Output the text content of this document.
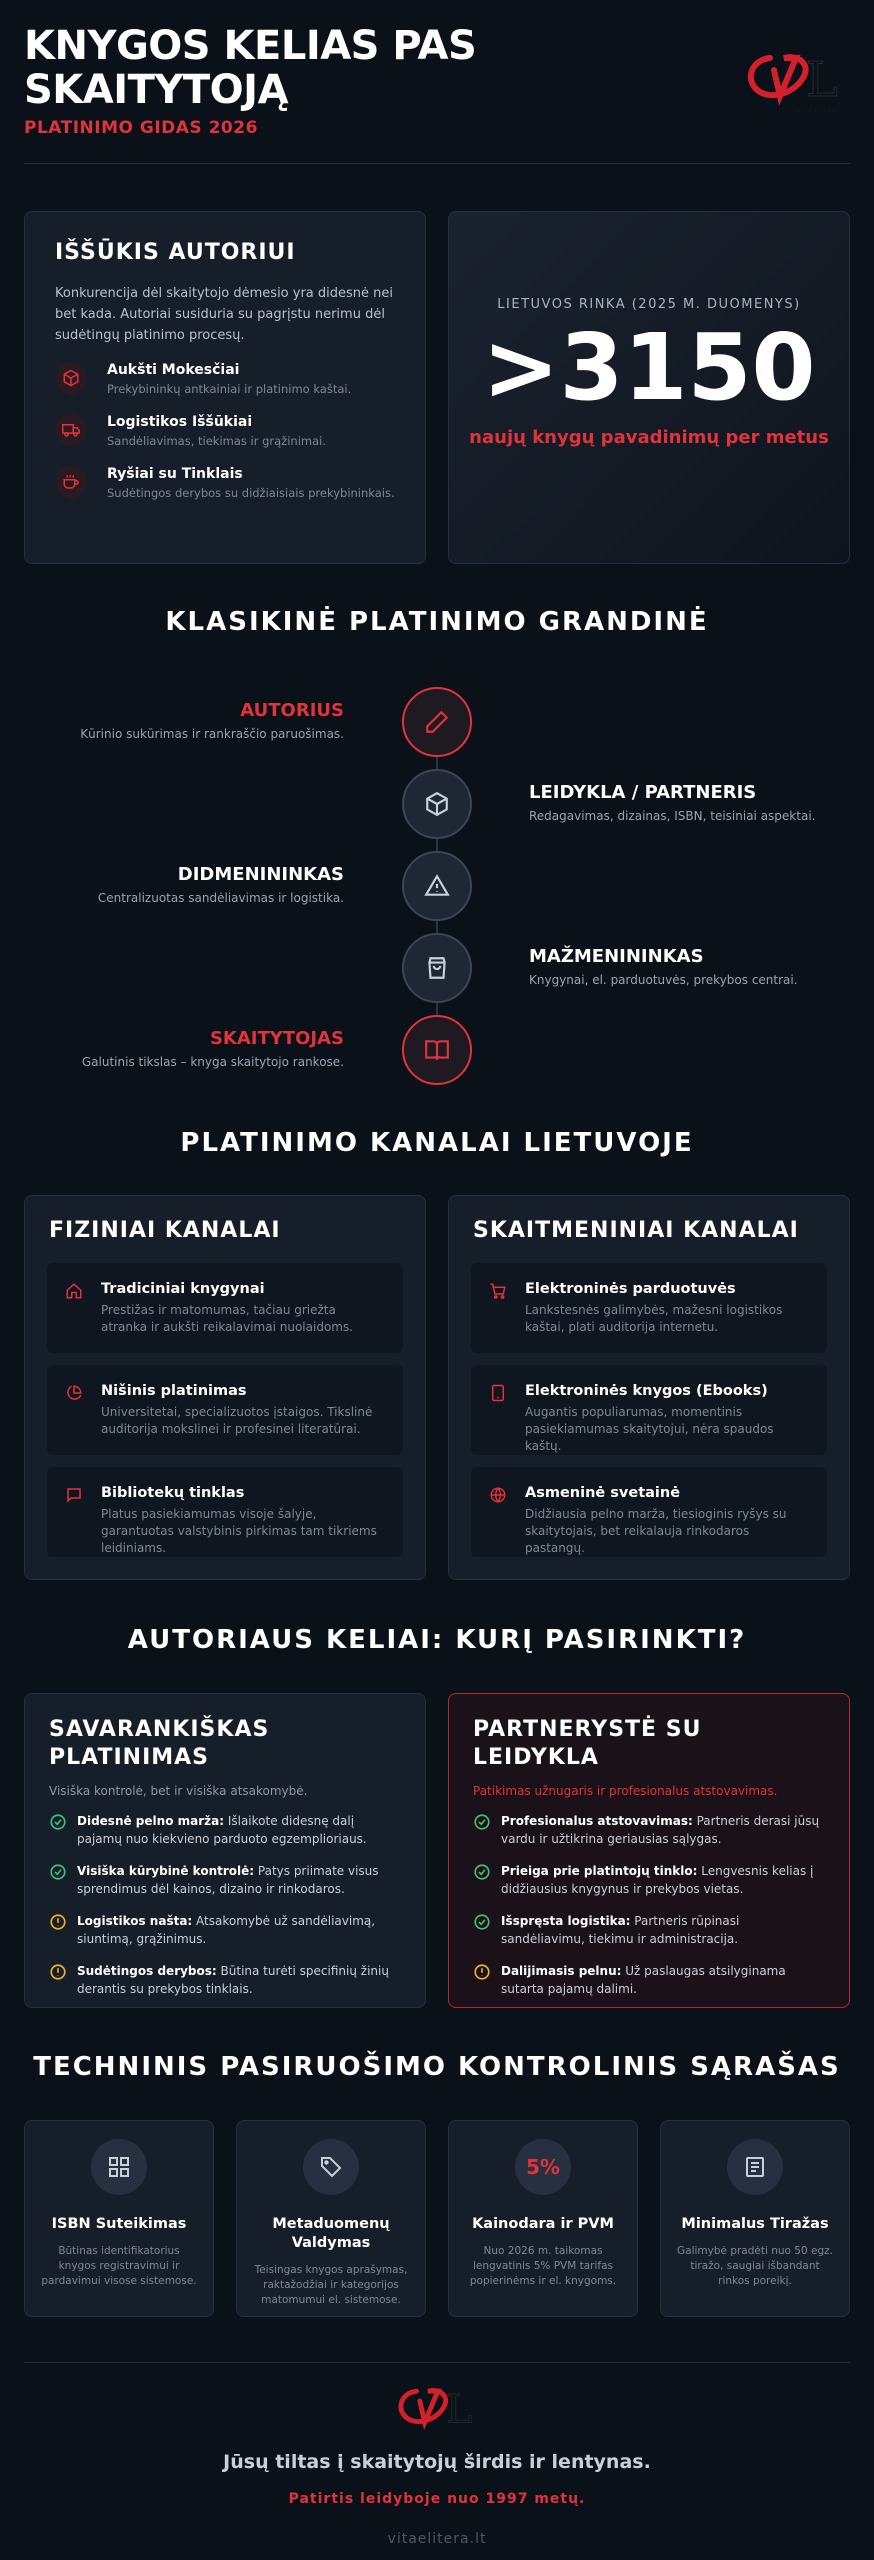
KNYGOS KELIAS PAS SKAITYTOJĄ
PLATINIMO GIDAS 2026
L
VITAE LITERA
IŠŠŪKIS AUTORIUI
Konkurencija dėl skaitytojo dėmesio yra didesnė nei bet kada. Autoriai susiduria su pagrįstu nerimu dėl sudėtingų platinimo procesų.
Aukšti Mokesčiai
Prekybininkų antkainiai ir platinimo kaštai.
Logistikos Iššūkiai
Sandėliavimas, tiekimas ir grąžinimai.
Ryšiai su Tinklais
Sudėtingos derybos su didžiaisiais prekybininkais.
LIETUVOS RINKA (2025 M. DUOMENYS)
>3150
naujų knygų pavadinimų per metus
KLASIKINĖ PLATINIMO GRANDINĖ
AUTORIUS
Kūrinio sukūrimas ir rankraščio paruošimas.
LEIDYKLA / PARTNERIS
Redagavimas, dizainas, ISBN, teisiniai aspektai.
DIDMENININKAS
Centralizuotas sandėliavimas ir logistika.
MAŽMENININKAS
Knygynai, el. parduotuvės, prekybos centrai.
SKAITYTOJAS
Galutinis tikslas – knyga skaitytojo rankose.
PLATINIMO KANALAI LIETUVOJE
FIZINIAI KANALAI
Tradiciniai knygynai
Prestižas ir matomumas, tačiau griežta atranka ir aukšti reikalavimai nuolaidoms.
Nišinis platinimas
Universitetai, specializuotos įstaigos. Tikslinė auditorija mokslinei ir profesinei literatūrai.
Bibliotekų tinklas
Platus pasiekiamumas visoje šalyje, garantuotas valstybinis pirkimas tam tikriems leidiniams.
SKAITMENINIAI KANALAI
Elektroninės parduotuvės
Lankstesnės galimybės, mažesni logistikos kaštai, plati auditorija internetu.
Elektroninės knygos (Ebooks)
Augantis populiarumas, momentinis pasiekiamumas skaitytojui, nėra spaudos kaštų.
Asmeninė svetainė
Didžiausia pelno marža, tiesioginis ryšys su skaitytojais, bet reikalauja rinkodaros pastangų.
AUTORIAUS KELIAI: KURĮ PASIRINKTI?
SAVARANKIŠKAS PLATINIMAS
Visiška kontrolė, bet ir visiška atsakomybė.
Didesnė pelno marža: Išlaikote didesnę dalį pajamų nuo kiekvieno parduoto egzemplioriaus.
Visiška kūrybinė kontrolė: Patys priimate visus sprendimus dėl kainos, dizaino ir rinkodaros.
Logistikos našta: Atsakomybė už sandėliavimą, siuntimą, grąžinimus.
Sudėtingos derybos: Būtina turėti specifinių žinių derantis su prekybos tinklais.
PARTNERYSTĖ SU LEIDYKLA
Patikimas užnugaris ir profesionalus atstovavimas.
Profesionalus atstovavimas: Partneris derasi jūsų vardu ir užtikrina geriausias sąlygas.
Prieiga prie platintojų tinklo: Lengvesnis kelias į didžiausius knygynus ir prekybos vietas.
Išspręsta logistika: Partneris rūpinasi sandėliavimu, tiekimu ir administracija.
Dalijimasis pelnu: Už paslaugas atsilyginama sutarta pajamų dalimi.
TECHNINIS PASIRUOŠIMO KONTROLINIS SĄRAŠAS
ISBN Suteikimas
Būtinas identifikatorius knygos registravimui ir pardavimui visose sistemose.
Metaduomenų Valdymas
Teisingas knygos aprašymas, raktažodžiai ir kategorijos matomumui el. sistemose.
5%
Kainodara ir PVM
Nuo 2026 m. taikomas lengvatinis 5% PVM tarifas popierinėms ir el. knygoms.
Minimalus Tiražas
Galimybė pradėti nuo 50 egz. tiražo, saugiai išbandant rinkos poreikį.
L
Jūsų tiltas į skaitytojų širdis ir lentynas.
Patirtis leidyboje nuo 1997 metų.
vitaelitera.lt
